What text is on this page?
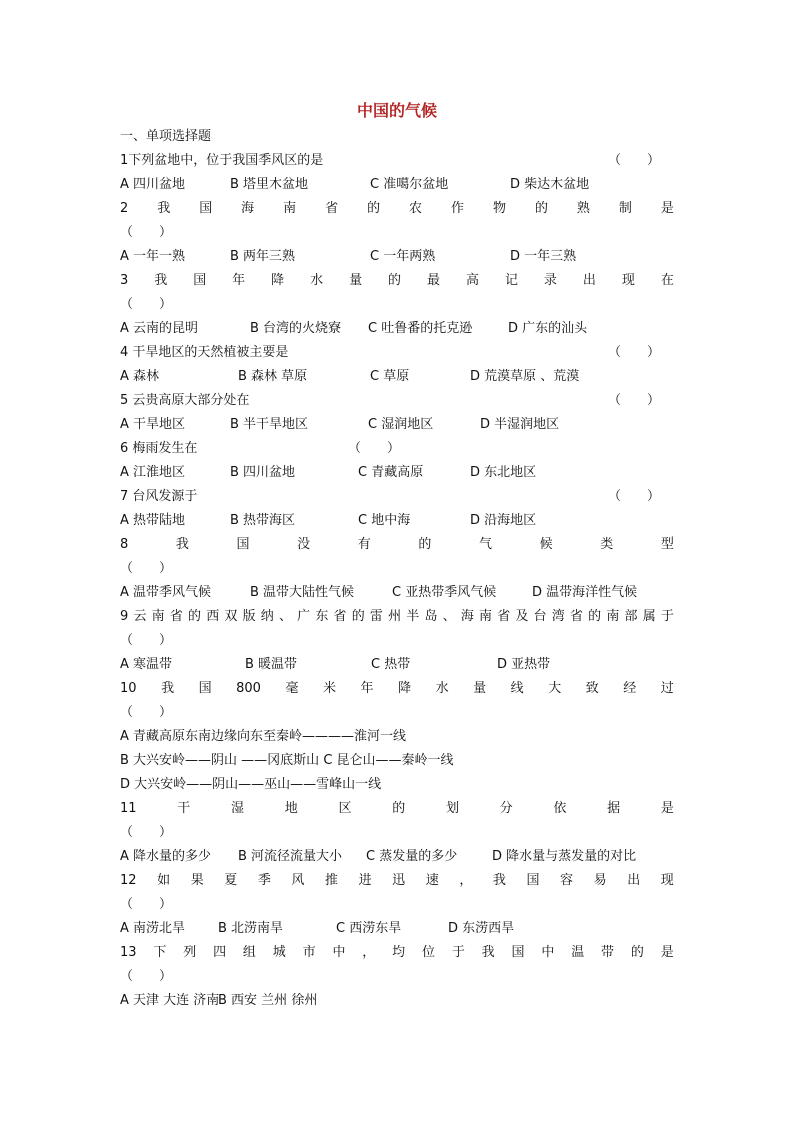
中国的气候
一、单项选择题
1下列盆地中，位于我国季风区的是	（　　）
A 四川盆地	B 塔里木盆地	C 准噶尔盆地	D 柴达木盆地
2 我 国 海 南 省 的 农 作 物 的 熟 制 是
（　　）
A 一年一熟	B 两年三熟	C 一年两熟	D 一年三熟
3 我 国 年 降 水 量 的 最 高 记 录 出 现 在
（　　）
A 云南的昆明	B 台湾的火烧寮 C 吐鲁番的托克逊	D 广东的汕头
4 干旱地区的天然植被主要是	（　　）
A 森林	B 森林 草原	C 草原	D 荒漠草原 、荒漠
5 云贵高原大部分处在	（　　）
A 干旱地区	B 半干旱地区	C 湿润地区	D 半湿润地区
6 梅雨发生在	（　　）
A 江淮地区	B 四川盆地	C 青藏高原	D 东北地区
7 台风发源于	（　　）
A 热带陆地	B 热带海区	C 地中海	D 沿海地区
8	我	国	没	有	的	气	候	类	型
（　　）
A 温带季风气候	B 温带大陆性气候	C 亚热带季风气候	D 温带海洋性气候
9 云 南 省 的 西 双 版 纳 、 广 东 省 的 雷 州 半 岛 、 海 南 省 及 台 湾 省 的 南 部 属 于
（　　）
A 寒温带	B 暖温带	C 热带	D 亚热带
10 我 国 800 毫 米 年 降 水 量 线 大 致 经 过
（　　）
A 青藏高原东南边缘向东至秦岭————淮河一线
B 大兴安岭——阴山 ——冈底斯山 C 昆仑山——秦岭一线
D 大兴安岭——阴山——巫山——雪峰山一线
11	干	湿	地	区	的	划	分	依	据	是
（　　）
A 降水量的多少 B 河流径流量大小 C 蒸发量的多少	D 降水量与蒸发量的对比
12 如 果 夏 季 风 推 进 迅 速 ， 我 国 容 易 出 现
（　　）
A 南涝北旱	B 北涝南旱	C 西涝东旱	D 东涝西旱
13 下 列 四 组 城 市 中 ， 均 位 于 我 国 中 温 带 的 是
（　　）
A 天津 大连 济南B 西安 兰州 徐州
